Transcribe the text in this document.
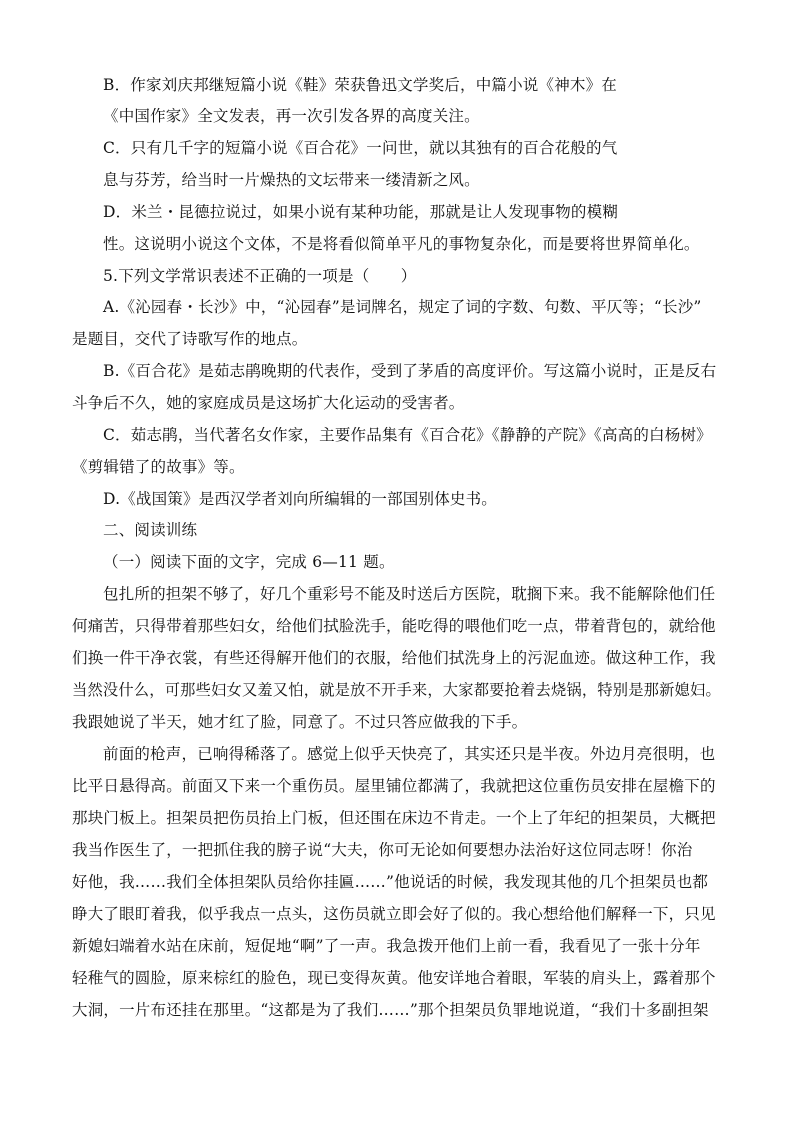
B．作家刘庆邦继短篇小说《鞋》荣获鲁迅文学奖后，中篇小说《神木》在
《中国作家》全文发表，再一次引发各界的高度关注。
C．只有几千字的短篇小说《百合花》一问世，就以其独有的百合花般的气
息与芬芳，给当时一片燥热的文坛带来一缕清新之风。
D．米兰・昆德拉说过，如果小说有某种功能，那就是让人发现事物的模糊
性。这说明小说这个文体，不是将看似简单平凡的事物复杂化，而是要将世界简单化。
5.下列文学常识表述不正确的一项是（　　）
A.《沁园春・长沙》中，“沁园春”是词牌名，规定了词的字数、句数、平仄等；“长沙”
是题目，交代了诗歌写作的地点。
B.《百合花》是茹志鹃晚期的代表作，受到了茅盾的高度评价。写这篇小说时，正是反右
斗争后不久，她的家庭成员是这场扩大化运动的受害者。
C．茹志鹃，当代著名女作家，主要作品集有《百合花》《静静的产院》《高高的白杨树》
《剪辑错了的故事》等。
D.《战国策》是西汉学者刘向所编辑的一部国别体史书。
二、阅读训练
（一）阅读下面的文字，完成 6—11 题。
包扎所的担架不够了，好几个重彩号不能及时送后方医院，耽搁下来。我不能解除他们任
何痛苦，只得带着那些妇女，给他们拭脸洗手，能吃得的喂他们吃一点，带着背包的，就给他
们换一件干净衣裳，有些还得解开他们的衣服，给他们拭洗身上的污泥血迹。做这种工作，我
当然没什么，可那些妇女又羞又怕，就是放不开手来，大家都要抢着去烧锅，特别是那新媳妇。
我跟她说了半天，她才红了脸，同意了。不过只答应做我的下手。
前面的枪声，已响得稀落了。感觉上似乎天快亮了，其实还只是半夜。外边月亮很明，也
比平日悬得高。前面又下来一个重伤员。屋里铺位都满了，我就把这位重伤员安排在屋檐下的
那块门板上。担架员把伤员抬上门板，但还围在床边不肯走。一个上了年纪的担架员，大概把
我当作医生了，一把抓住我的膀子说“大夫，你可无论如何要想办法治好这位同志呀！你治
好他，我……我们全体担架队员给你挂匾……”他说话的时候，我发现其他的几个担架员也都
睁大了眼盯着我，似乎我点一点头，这伤员就立即会好了似的。我心想给他们解释一下，只见
新媳妇端着水站在床前，短促地“啊”了一声。我急拨开他们上前一看，我看见了一张十分年
轻稚气的圆脸，原来棕红的脸色，现已变得灰黄。他安详地合着眼，军装的肩头上，露着那个
大洞，一片布还挂在那里。“这都是为了我们……”那个担架员负罪地说道，“我们十多副担架
